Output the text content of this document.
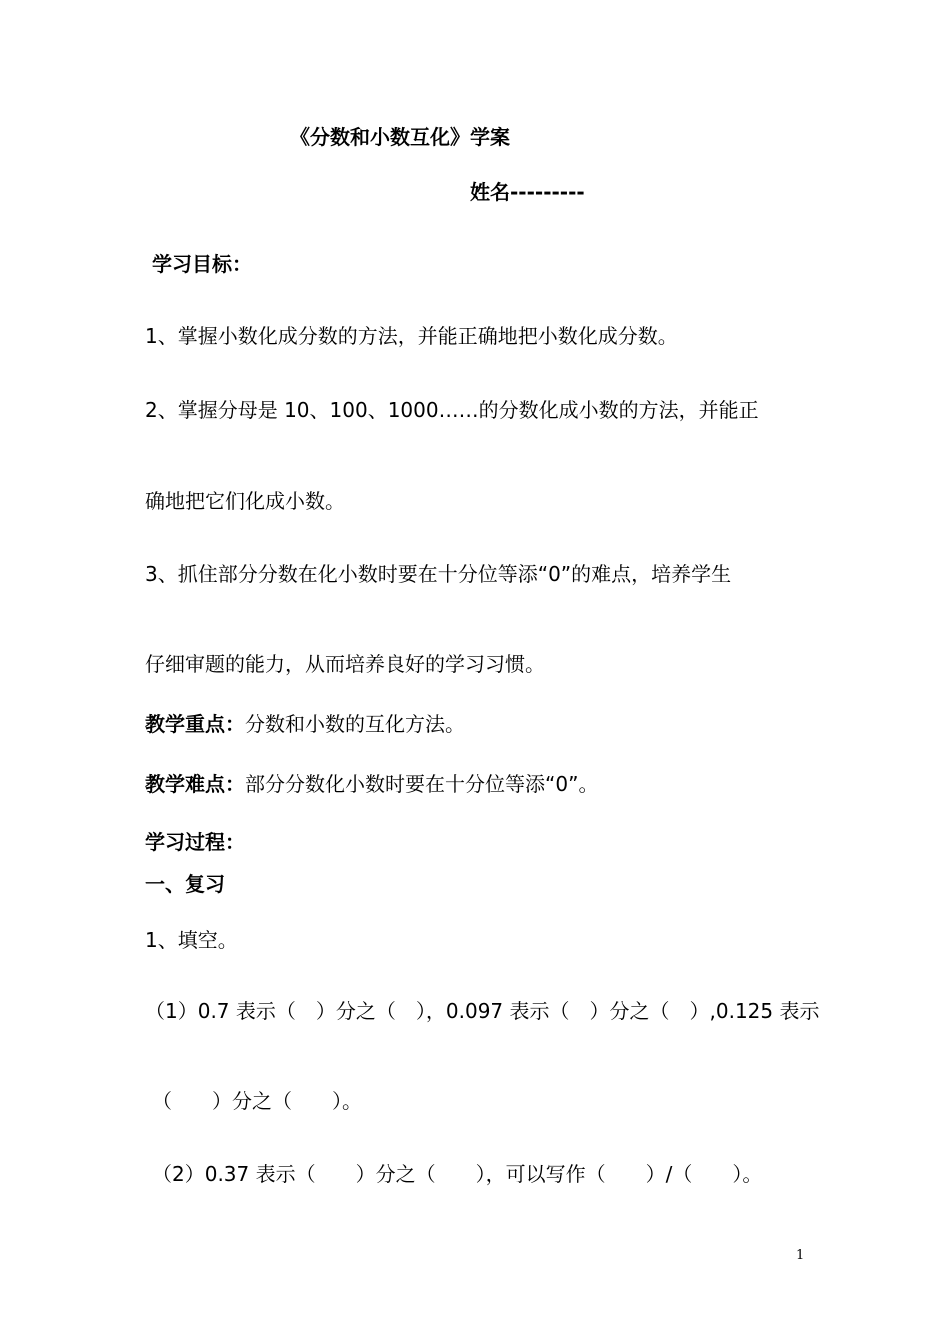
《分数和小数互化》学案

姓名---------

学习目标：

1、掌握小数化成分数的方法，并能正确地把小数化成分数。

2、掌握分母是 10、100、1000……的分数化成小数的方法，并能正

确地把它们化成小数。

3、抓住部分分数在化小数时要在十分位等添“0”的难点，培养学生

仔细审题的能力，从而培养良好的学习习惯。

教学重点：分数和小数的互化方法。

教学难点：部分分数化小数时要在十分位等添“0”。

学习过程：

一、复习

1、填空。

（1）0.7 表示（　）分之（　），0.097 表示（　）分之（　）,0.125 表示

（　　）分之（　　）。

（2）0.37 表示（　　）分之（　　），可以写作（　　）/（　　）。

1
